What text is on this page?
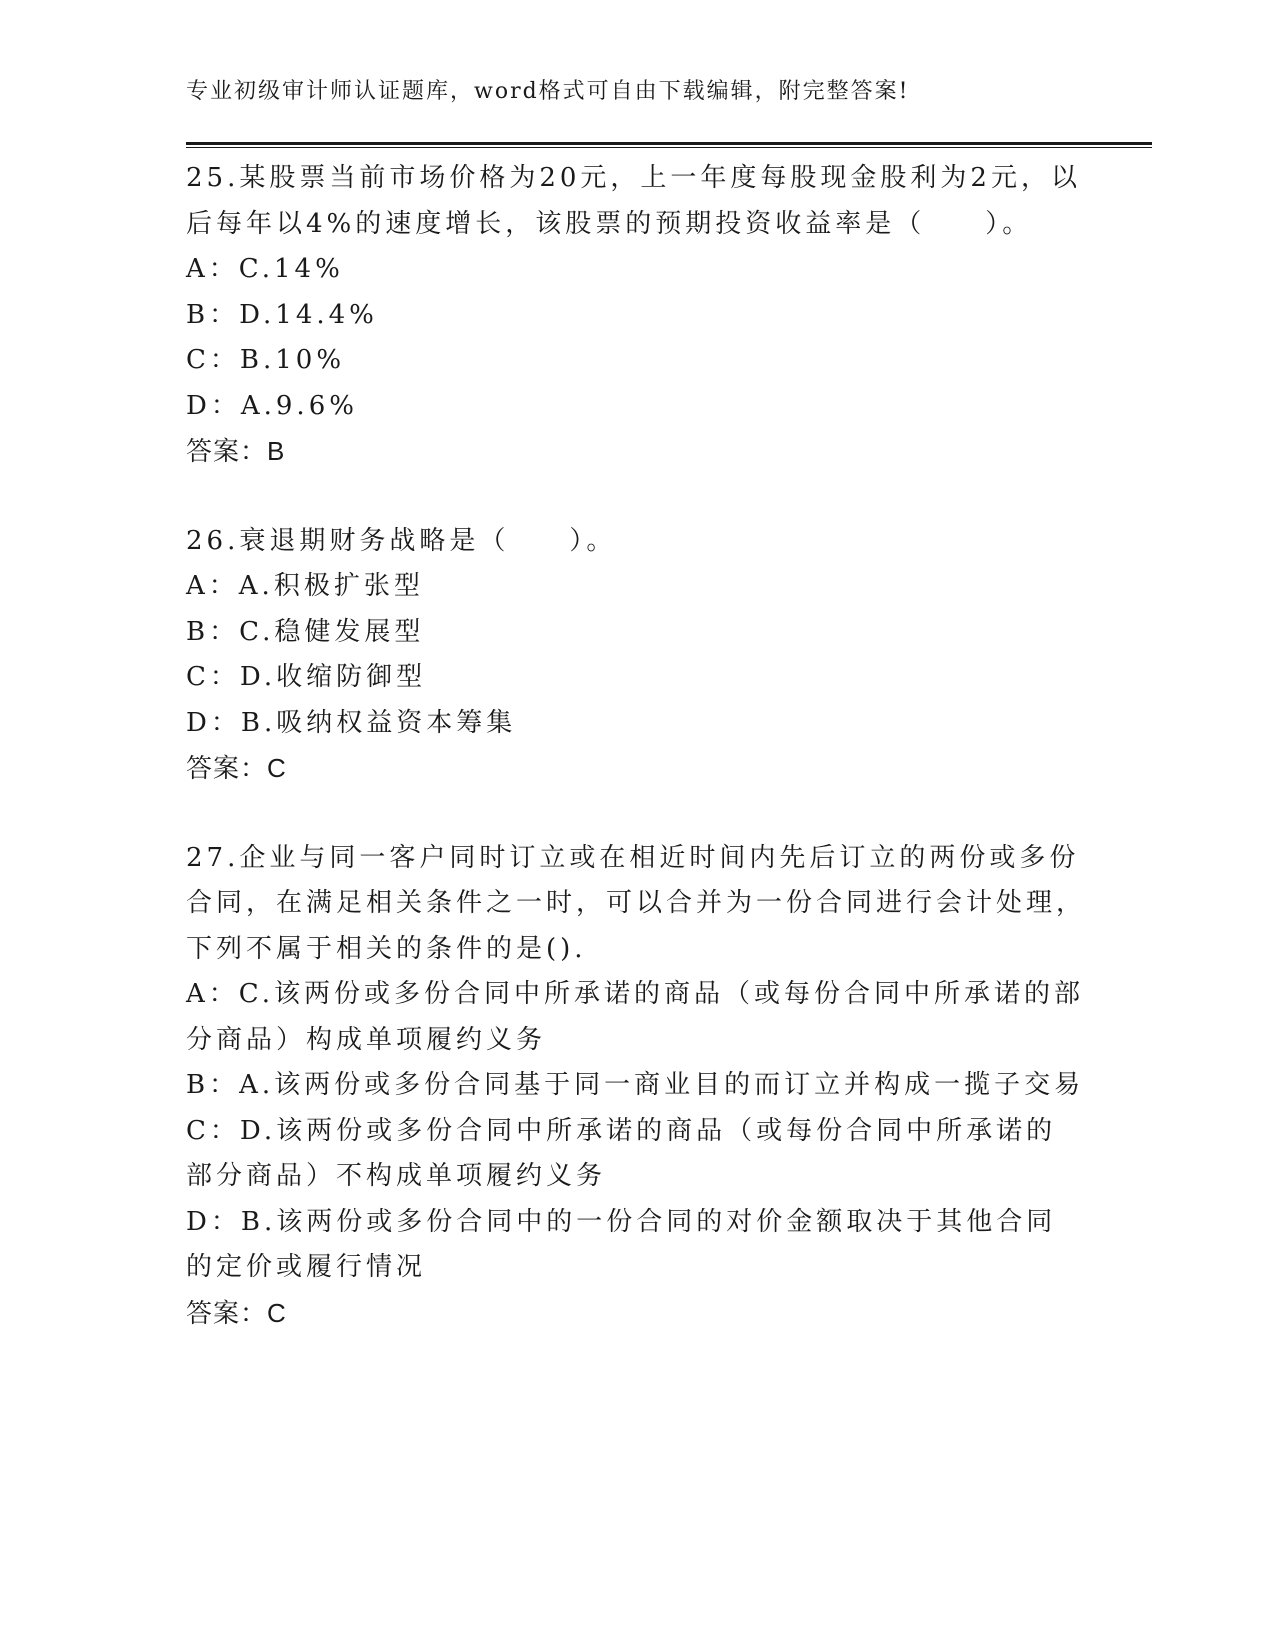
专业初级审计师认证题库，word格式可自由下载编辑，附完整答案!

25.某股票当前市场价格为20元，上一年度每股现金股利为2元，以后每年以4%的速度增长，该股票的预期投资收益率是（　　）。

A：C.14%

B：D.14.4%

C：B.10%

D：A.9.6%

答案：B

26.衰退期财务战略是（　　）。

A：A.积极扩张型

B：C.稳健发展型

C：D.收缩防御型

D：B.吸纳权益资本筹集

答案：C

27.企业与同一客户同时订立或在相近时间内先后订立的两份或多份合同，在满足相关条件之一时，可以合并为一份合同进行会计处理，下列不属于相关的条件的是().

A：C.该两份或多份合同中所承诺的商品（或每份合同中所承诺的部分商品）构成单项履约义务

B：A.该两份或多份合同基于同一商业目的而订立并构成一揽子交易

C：D.该两份或多份合同中所承诺的商品（或每份合同中所承诺的部分商品）不构成单项履约义务

D：B.该两份或多份合同中的一份合同的对价金额取决于其他合同的定价或履行情况

答案：C
